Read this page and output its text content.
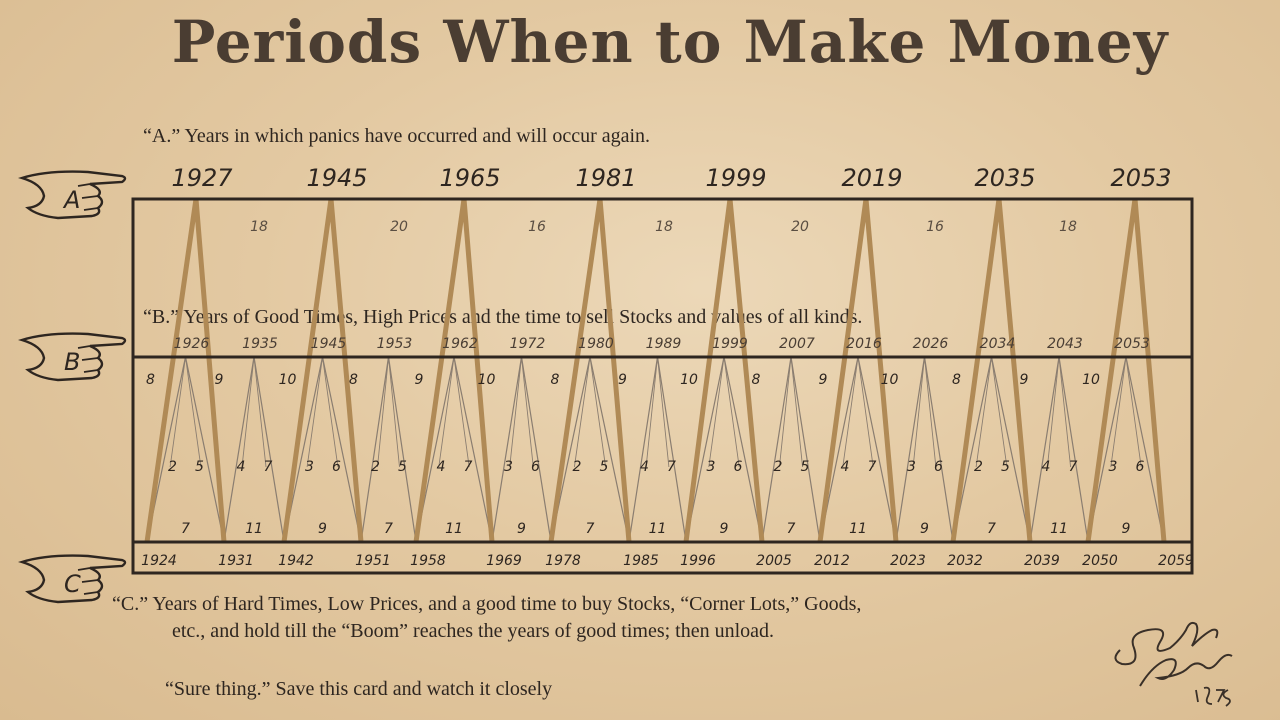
Periods When to Make Money
“A.” Years in which panics have occurred and will occur again.
“B.” Years of Good Times, High Prices and the time to sell Stocks and values of all kinds.
“C.” Years of Hard Times, Low Prices, and a good time to buy Stocks, “Corner Lots,” Goods,
etc., and hold till the “Boom” reaches the years of good times; then unload.
“Sure thing.” Save this card and watch it closely
A
B
C
1927	1945	1965	1981	1999	2019	2035	2053
18	20	16	18	20	16	18
1926 1935 1945 1953 1962 1972 1980 1989 1999 2007 2016 2026 2034 2043 2053
8	9	10	8	9	10	8	9	10	8	9	10	8	9	10
2 5 4 7 3 6 2 5 4 7 3 6 2 5 4 7 3 6 2 5 4 7 3 6 2 5 4 7 3 6
7	11	9	7	11	9	7	11	9	7	11	9	7	11	9
1924	1931 1942	1951 1958	1969 1978	1985 1996	2005 2012	2023 2032	2039 2050	2059
